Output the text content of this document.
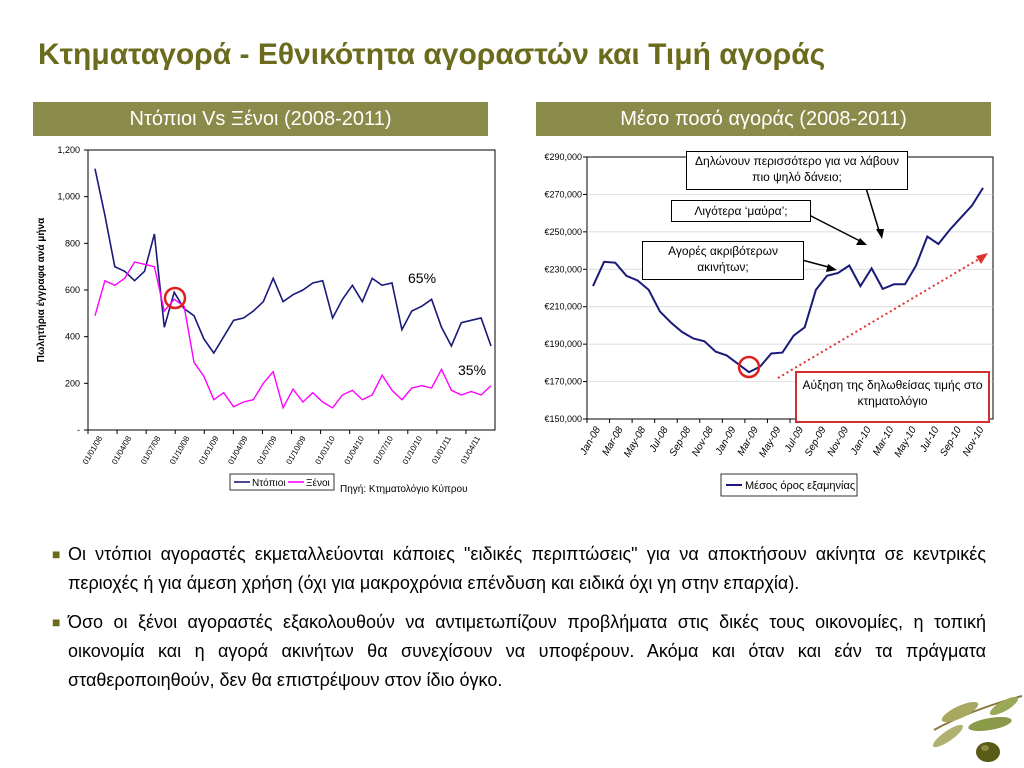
Κτηματαγορά - Εθνικότητα αγοραστών και Τιμή αγοράς
Ντόπιοι Vs Ξένοι (2008-2011)	Μέσο ποσό αγοράς (2008-2011)
-
200
400
600
800
1,000
1,200
Πωλητήρια έγγραφα ανά μήνα
01/01/08 01/04/08 01/07/08 01/10/08 01/01/09 01/04/09 01/07/09 01/10/09 01/01/10 01/04/10 01/07/10 01/10/10 01/01/11 01/04/11
65%
35%
Ντόπιοι Ξένοι
Πηγή: Κτηματολόγιο Κύπρου
€150,000
€170,000
€190,000
€210,000
€230,000
€250,000
€270,000
€290,000
Jan-08
Mar-08
May-08 Jul-08
Sep-08
Nov-08
Jan-09
Mar-09
May-09 Jul-09
Sep-09
Nov-09
Jan-10
Mar-10
May-10 Jul-10
Sep-10
Nov-10
Μέσος όρος εξαμηνίας
Δηλώνουν περισσότερο για να λάβουν πιο ψηλό δάνειο;
Λιγότερα ‘μαύρα’;
Αγορές ακριβότερων ακινήτων;
Αύξηση της δηλωθείσας τιμής στο κτηματολόγιο
■ Οι ντόπιοι αγοραστές εκμεταλλεύονται κάποιες "ειδικές περιπτώσεις" για να αποκτήσουν ακίνητα σε κεντρικές περιοχές ή για άμεση χρήση (όχι για μακροχρόνια επένδυση και ειδικά όχι γη στην επαρχία).
■ Όσο οι ξένοι αγοραστές εξακολουθούν να αντιμετωπίζουν προβλήματα στις δικές τους οικονομίες, η τοπική οικονομία και η αγορά ακινήτων θα συνεχίσουν να υποφέρουν. Ακόμα και όταν και εάν τα πράγματα σταθεροποιηθούν, δεν θα επιστρέψουν στον ίδιο όγκο.
